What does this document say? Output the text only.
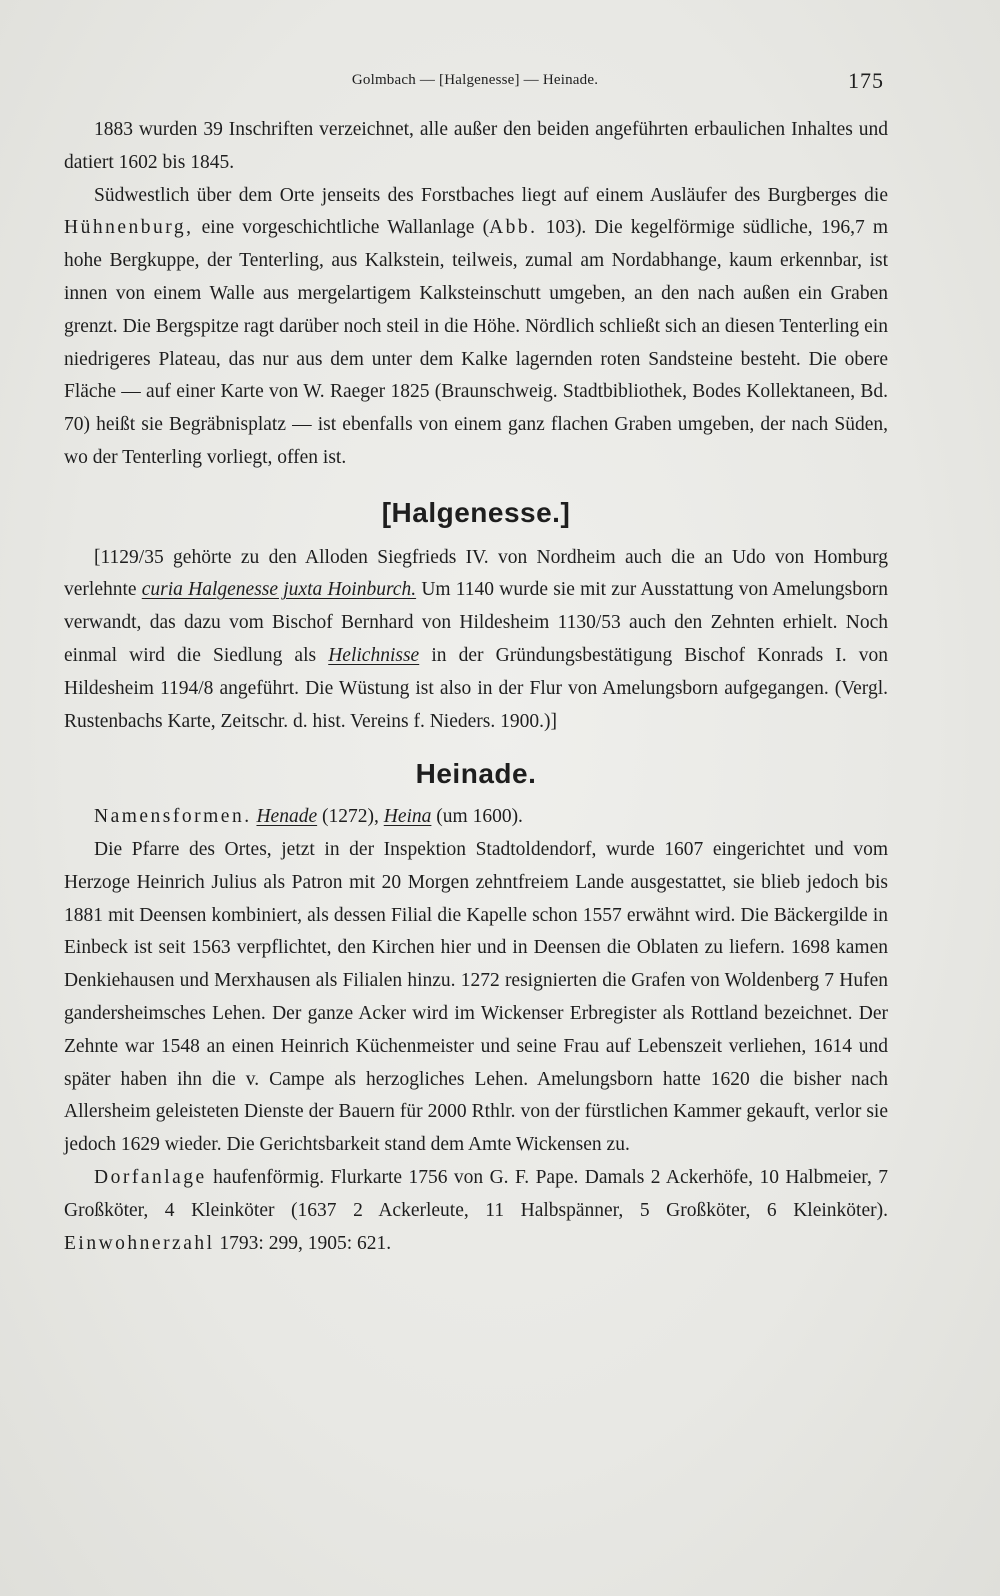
Golmbach — [Halgenesse] — Heinade.	175

1883 wurden 39 Inschriften verzeichnet, alle außer den beiden angeführten erbaulichen Inhaltes und datiert 1602 bis 1845.

Südwestlich über dem Orte jenseits des Forstbaches liegt auf einem Ausläufer des Burgberges die Hühnenburg, eine vorgeschichtliche Wallanlage (Abb. 103). Die kegelförmige südliche, 196,7 m hohe Bergkuppe, der Tenterling, aus Kalkstein, teilweis, zumal am Nordabhange, kaum erkennbar, ist innen von einem Walle aus mergelartigem Kalksteinschutt umgeben, an den nach außen ein Graben grenzt. Die Bergspitze ragt darüber noch steil in die Höhe. Nördlich schließt sich an diesen Tenterling ein niedrigeres Plateau, das nur aus dem unter dem Kalke lagernden roten Sandsteine besteht. Die obere Fläche — auf einer Karte von W. Raeger 1825 (Braunschweig. Stadtbibliothek, Bodes Kollektaneen, Bd. 70) heißt sie Begräbnisplatz — ist ebenfalls von einem ganz flachen Graben umgeben, der nach Süden, wo der Tenterling vorliegt, offen ist.

[Halgenesse.]

[1129/35 gehörte zu den Alloden Siegfrieds IV. von Nordheim auch die an Udo von Homburg verlehnte curia Halgenesse juxta Hoinburch. Um 1140 wurde sie mit zur Ausstattung von Amelungsborn verwandt, das dazu vom Bischof Bernhard von Hildesheim 1130/53 auch den Zehnten erhielt. Noch einmal wird die Siedlung als Helichnisse in der Gründungsbestätigung Bischof Konrads I. von Hildesheim 1194/8 angeführt. Die Wüstung ist also in der Flur von Amelungsborn aufgegangen. (Vergl. Rustenbachs Karte, Zeitschr. d. hist. Vereins f. Nieders. 1900.)]

Heinade.

Namensformen. Henade (1272), Heina (um 1600).

Die Pfarre des Ortes, jetzt in der Inspektion Stadtoldendorf, wurde 1607 eingerichtet und vom Herzoge Heinrich Julius als Patron mit 20 Morgen zehntfreiem Lande ausgestattet, sie blieb jedoch bis 1881 mit Deensen kombiniert, als dessen Filial die Kapelle schon 1557 erwähnt wird. Die Bäckergilde in Einbeck ist seit 1563 verpflichtet, den Kirchen hier und in Deensen die Oblaten zu liefern. 1698 kamen Denkiehausen und Merxhausen als Filialen hinzu. 1272 resignierten die Grafen von Woldenberg 7 Hufen gandersheimsches Lehen. Der ganze Acker wird im Wickenser Erbregister als Rottland bezeichnet. Der Zehnte war 1548 an einen Heinrich Küchenmeister und seine Frau auf Lebenszeit verliehen, 1614 und später haben ihn die v. Campe als herzogliches Lehen. Amelungsborn hatte 1620 die bisher nach Allersheim geleisteten Dienste der Bauern für 2000 Rthlr. von der fürstlichen Kammer gekauft, verlor sie jedoch 1629 wieder. Die Gerichtsbarkeit stand dem Amte Wickensen zu.

Dorfanlage haufenförmig. Flurkarte 1756 von G. F. Pape. Damals 2 Ackerhöfe, 10 Halbmeier, 7 Großköter, 4 Kleinköter (1637 2 Ackerleute, 11 Halbspänner, 5 Großköter, 6 Kleinköter). Einwohnerzahl 1793: 299, 1905: 621.
